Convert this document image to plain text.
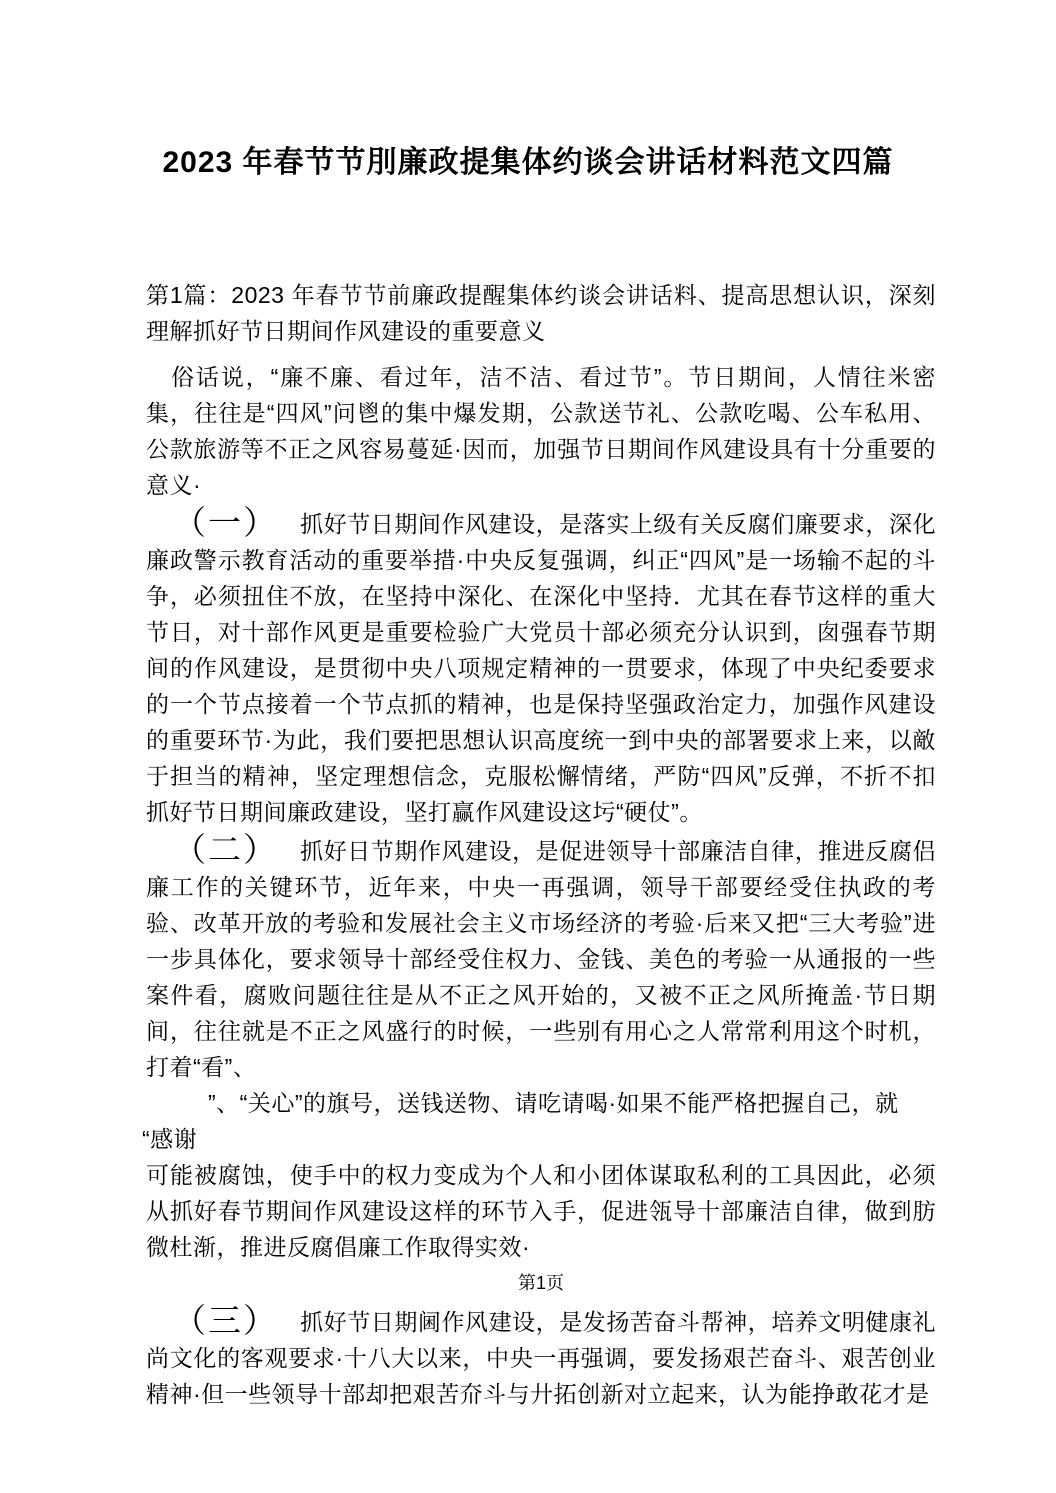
2023 年春节节刖廉政提集体约谈会讲话材料范文四篇

第1篇：2023 年春节节前廉政提醒集体约谈会讲话料、提高思想认识，深刻理解抓好节日期间作风建设的重要意义

俗话说，“廉不廉、看过年，洁不洁、看过节”。节日期间，人情往米密集，往往是“四风”问鬯的集中爆发期，公款送节礼、公款吃喝、公车私用、公款旅游等不正之风容易蔓延·因而，加强节日期间作风建设具有十分重要的意义·

（一） 抓好节日期间作风建设，是落实上级有关反腐们廉要求，深化廉政警示教育活动的重要举措·中央反复强调，纠正“四风”是一场输不起的斗争，必须扭住不放，在坚持中深化、在深化中坚持．尤其在春节这样的重大节日，对十部作风更是重要检验广大党员十部必须充分认识到，囱强春节期间的作风建设，是贯彻中央八项规定精神的一贯要求，体现了中央纪委要求的一个节点接着一个节点抓的精神，也是保持坚强政治定力，加强作风建设的重要环节·为此，我们要把思想认识高度统一到中央的部署要求上来，以敵于担当的精神，坚定理想信念，克服松懈情绪，严防“四风”反弹，不折不扣抓好节日期间廉政建设，坚打赢作风建设这圬“硬仗”。

（二） 抓好日节期作风建设，是促进领导十部廉洁自律，推进反腐侣廉工作的关键环节，近年来，中央一再强调，领导干部要经受住执政的考验、改革开放的考验和发展社会主义市场经济的考验·后来又把“三大考验”进一步具体化，要求领导十部经受住权力、金钱、美色的考验一从通报的一些案件看，腐败问题往往是从不正之风开始的，又被不正之风所掩盖·节日期间，往往就是不正之风盛行的时候，一些别有用心之人常常利用这个时机，打着“看”、

”、“关心”的旗号，送钱送物、请吃请喝·如果不能严格把握自己，就

“感谢

可能被腐蚀，使手中的权力变成为个人和小团体谋取私利的工具因此，必须从抓好春节期间作风建设这样的环节入手，促进瓴导十部廉洁自律，做到肪微杜渐，推进反腐倡廉工作取得实效·

第1页

（三） 抓好节日期阃作风建设，是发扬苦奋斗帮神，培养文明健康礼尚文化的客观要求·十八大以来，中央一再强调，要发扬艰芒奋斗、艰苦创业精神·但一些领导十部却把艰苦夼斗与廾拓创新对立起来，认为能挣敢花才是
